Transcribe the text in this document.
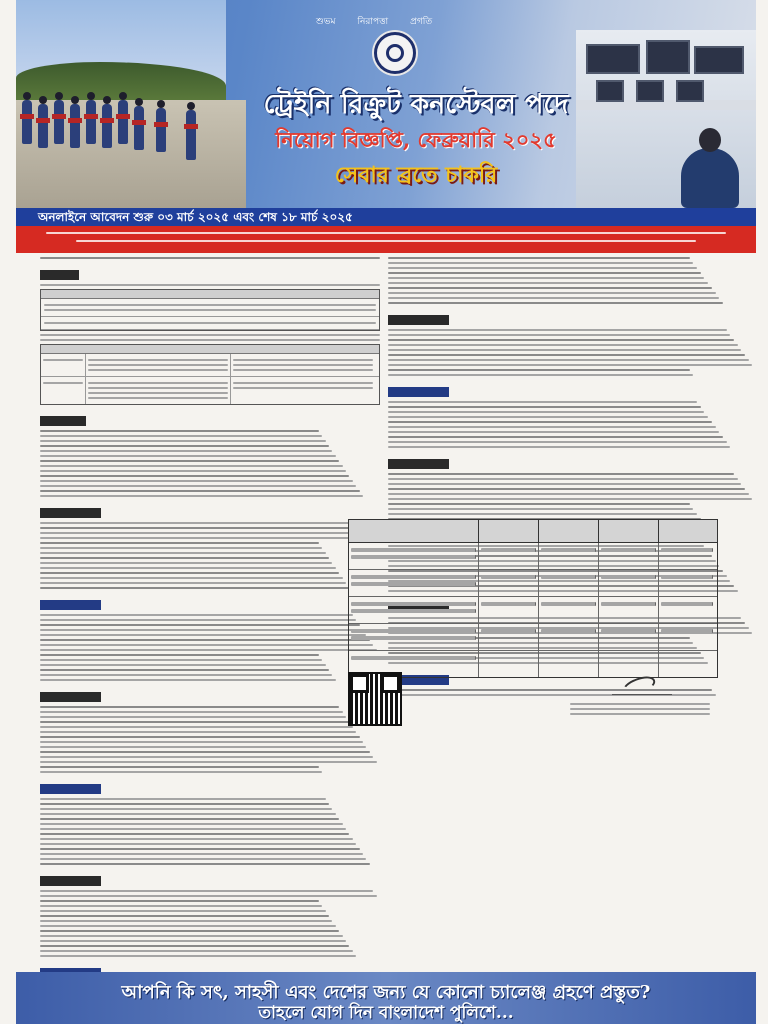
শুভম নিরাপত্তা প্রগতি
ট্রেইনি রিক্রুট কনস্টেবল পদে
নিয়োগ বিজ্ঞপ্তি, ফেব্রুয়ারি ২০২৫
সেবার ব্রতে চাকরি
অনলাইনে আবেদন শুরু ০৩ মার্চ ২০২৫ এবং শেষ ১৮ মার্চ ২০২৫

আপনি কি সৎ, সাহসী এবং দেশের জন্য যে কোনো চ্যালেঞ্জ গ্রহণে প্রস্তুত?
তাহলে যোগ দিন বাংলাদেশ পুলিশে...
